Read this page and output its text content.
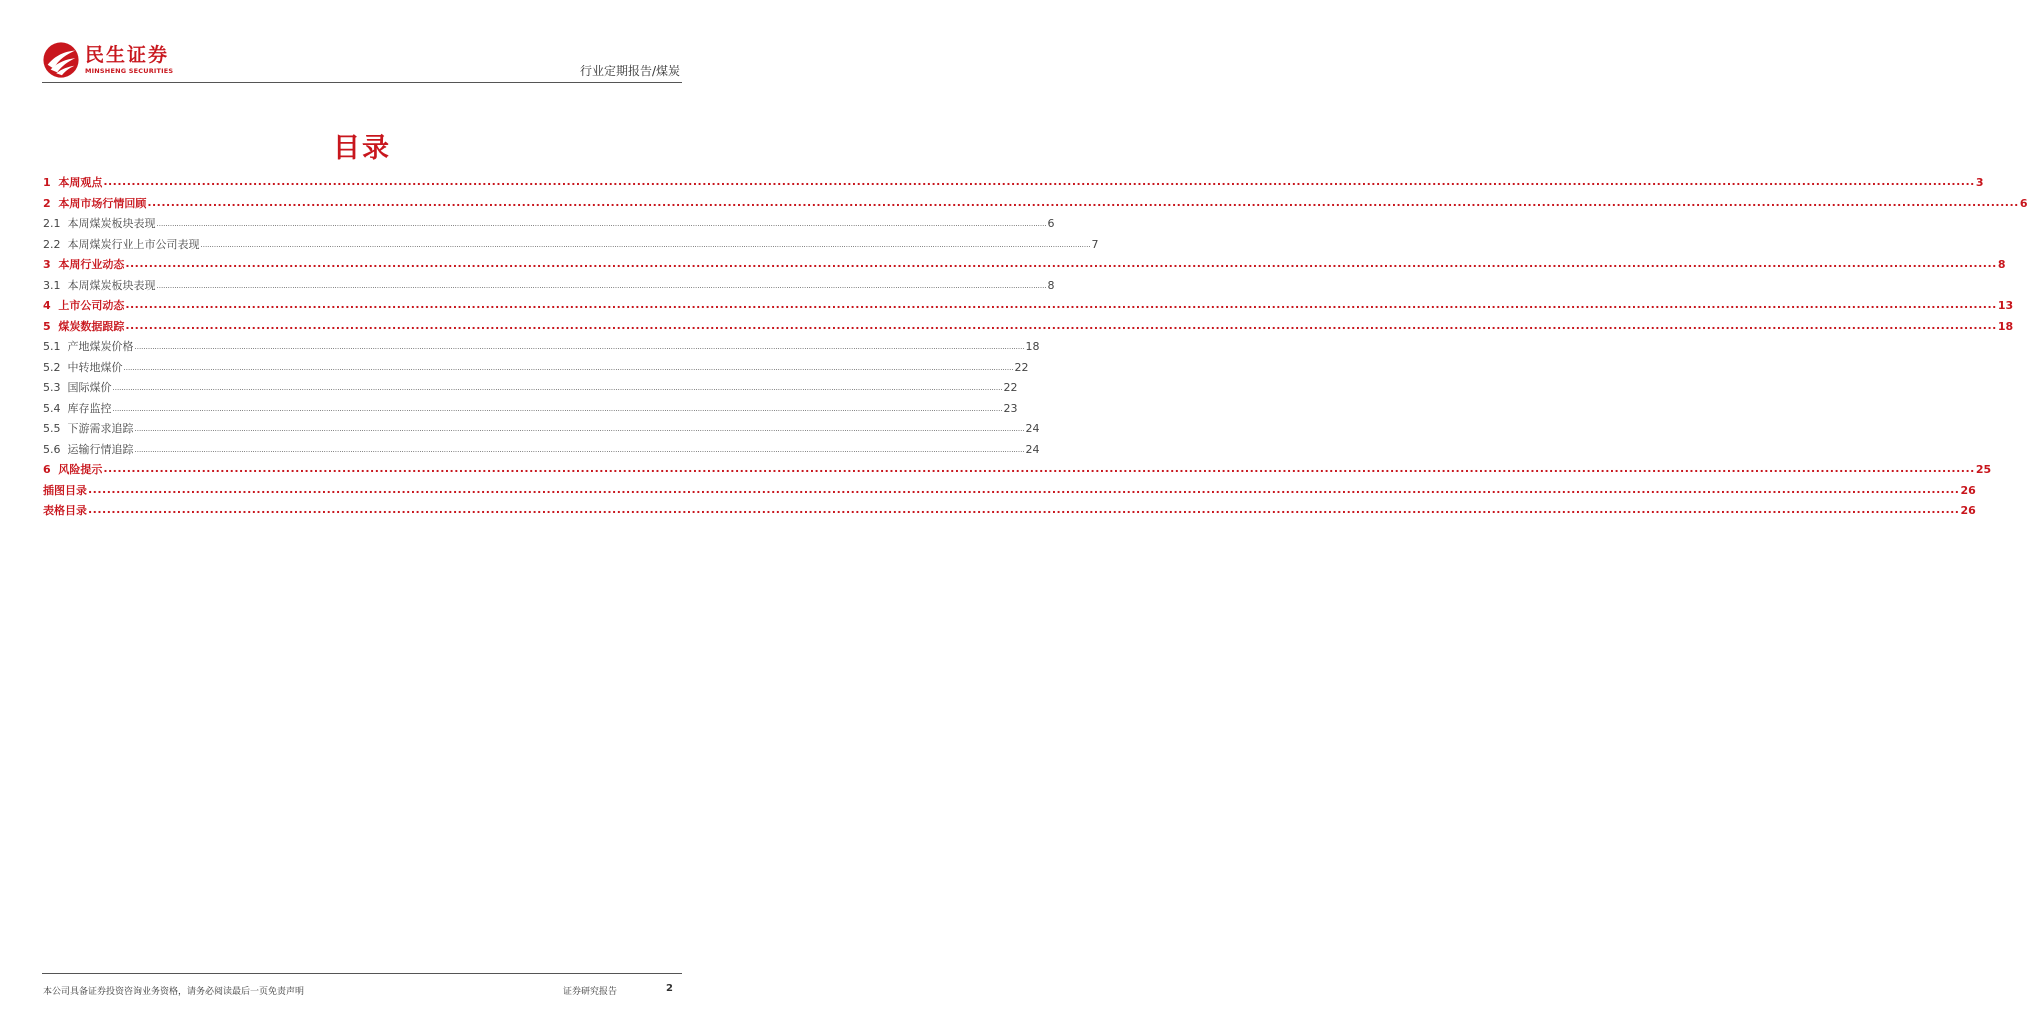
民生证券
MINSHENG SECURITIES	行业定期报告/煤炭
目录
1 本周观点 ................................................................................................................................................................................................................................................................................................................................................................................................................ 3
2 本周市场行情回顾 ................................................................................................................................................................................................................................................................................................................................................................................................................ 6
2.1 本周煤炭板块表现 ................................................................................................................................................................................................................................................................................................................................................................................................................ 6
2.2 本周煤炭行业上市公司表现 ................................................................................................................................................................................................................................................................................................................................................................................................................ 7
3 本周行业动态 ................................................................................................................................................................................................................................................................................................................................................................................................................ 8
3.1 本周煤炭板块表现 ................................................................................................................................................................................................................................................................................................................................................................................................................ 8
4 上市公司动态 ................................................................................................................................................................................................................................................................................................................................................................................................................ 13
5 煤炭数据跟踪 ................................................................................................................................................................................................................................................................................................................................................................................................................ 18
5.1 产地煤炭价格 ................................................................................................................................................................................................................................................................................................................................................................................................................ 18
5.2 中转地煤价 ................................................................................................................................................................................................................................................................................................................................................................................................................ 22
5.3 国际煤价 ................................................................................................................................................................................................................................................................................................................................................................................................................ 22
5.4 库存监控 ................................................................................................................................................................................................................................................................................................................................................................................................................ 23
5.5 下游需求追踪 ................................................................................................................................................................................................................................................................................................................................................................................................................ 24
5.6 运输行情追踪 ................................................................................................................................................................................................................................................................................................................................................................................................................ 24
6 风险提示 ................................................................................................................................................................................................................................................................................................................................................................................................................ 25
插图目录 ................................................................................................................................................................................................................................................................................................................................................................................................................ 26
表格目录 ................................................................................................................................................................................................................................................................................................................................................................................................................ 26
本公司具备证券投资咨询业务资格，请务必阅读最后一页免责声明	证券研究报告	2
